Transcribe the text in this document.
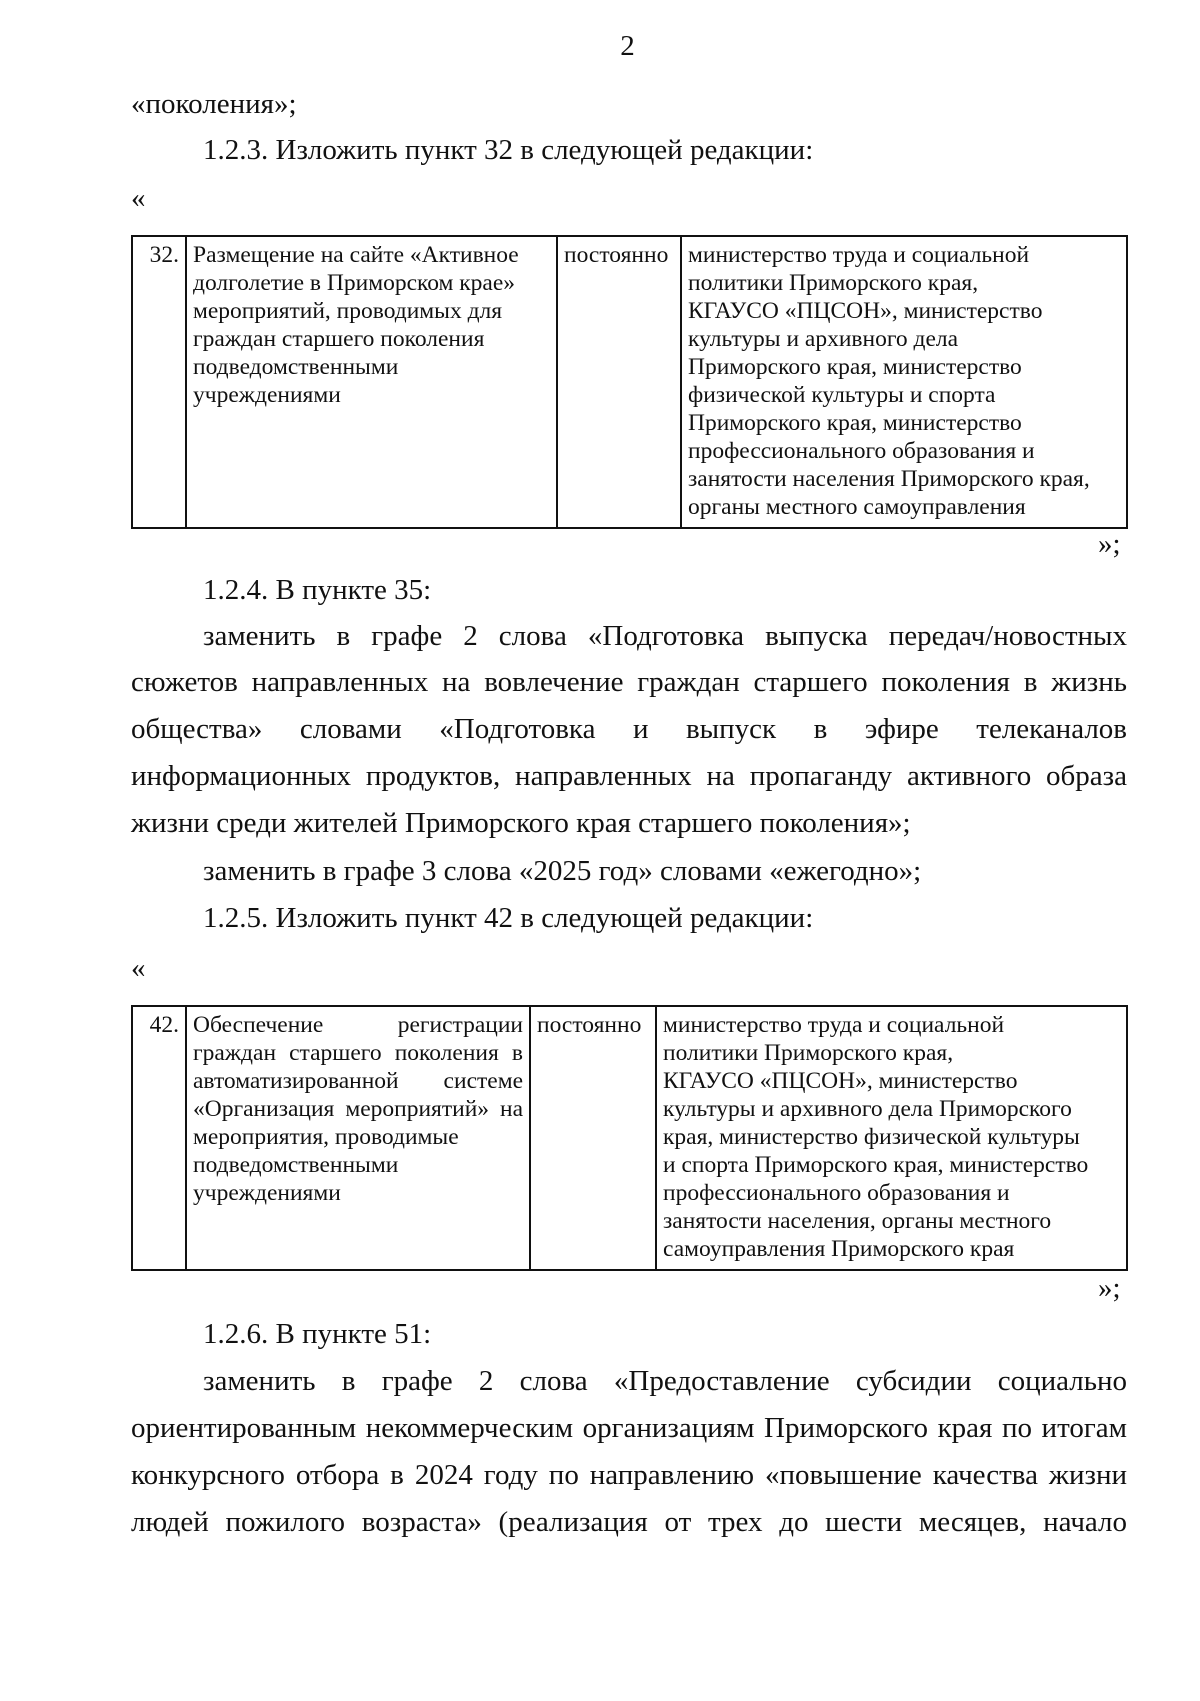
2
«поколения»;
1.2.3. Изложить пункт 32 в следующей редакции:
«
32.	Размещение на сайте «Активное
долголетие в Приморском крае»
мероприятий, проводимых для
граждан старшего поколения
подведомственными
учреждениями	постоянно	министерство труда и социальной
политики Приморского края,
КГАУСО «ПЦСОН», министерство
культуры и архивного дела
Приморского края, министерство
физической культуры и спорта
Приморского края, министерство
профессионального образования и
занятости населения Приморского края,
органы местного самоуправления
»;
1.2.4. В пункте 35:
заменить в графе 2 слова «Подготовка выпуска передач/новостных
сюжетов направленных на вовлечение граждан старшего поколения в жизнь
общества» словами «Подготовка и выпуск в эфире телеканалов
информационных продуктов, направленных на пропаганду активного образа
жизни среди жителей Приморского края старшего поколения»;
заменить в графе 3 слова «2025 год» словами «ежегодно»;
1.2.5. Изложить пункт 42 в следующей редакции:
«
42.	Обеспечение регистрации граждан старшего поколения в автоматизированной системе «Организация мероприятий» на мероприятия, проводимые
подведомственными
учреждениями	постоянно	министерство труда и социальной
политики Приморского края,
КГАУСО «ПЦСОН», министерство
культуры и архивного дела Приморского
края, министерство физической культуры
и спорта Приморского края, министерство
профессионального образования и
занятости населения, органы местного
самоуправления Приморского края
»;
1.2.6. В пункте 51:
заменить в графе 2 слова «Предоставление субсидии социально
ориентированным некоммерческим организациям Приморского края по итогам
конкурсного отбора в 2024 году по направлению «повышение качества жизни
людей пожилого возраста» (реализация от трех до шести месяцев, начало
